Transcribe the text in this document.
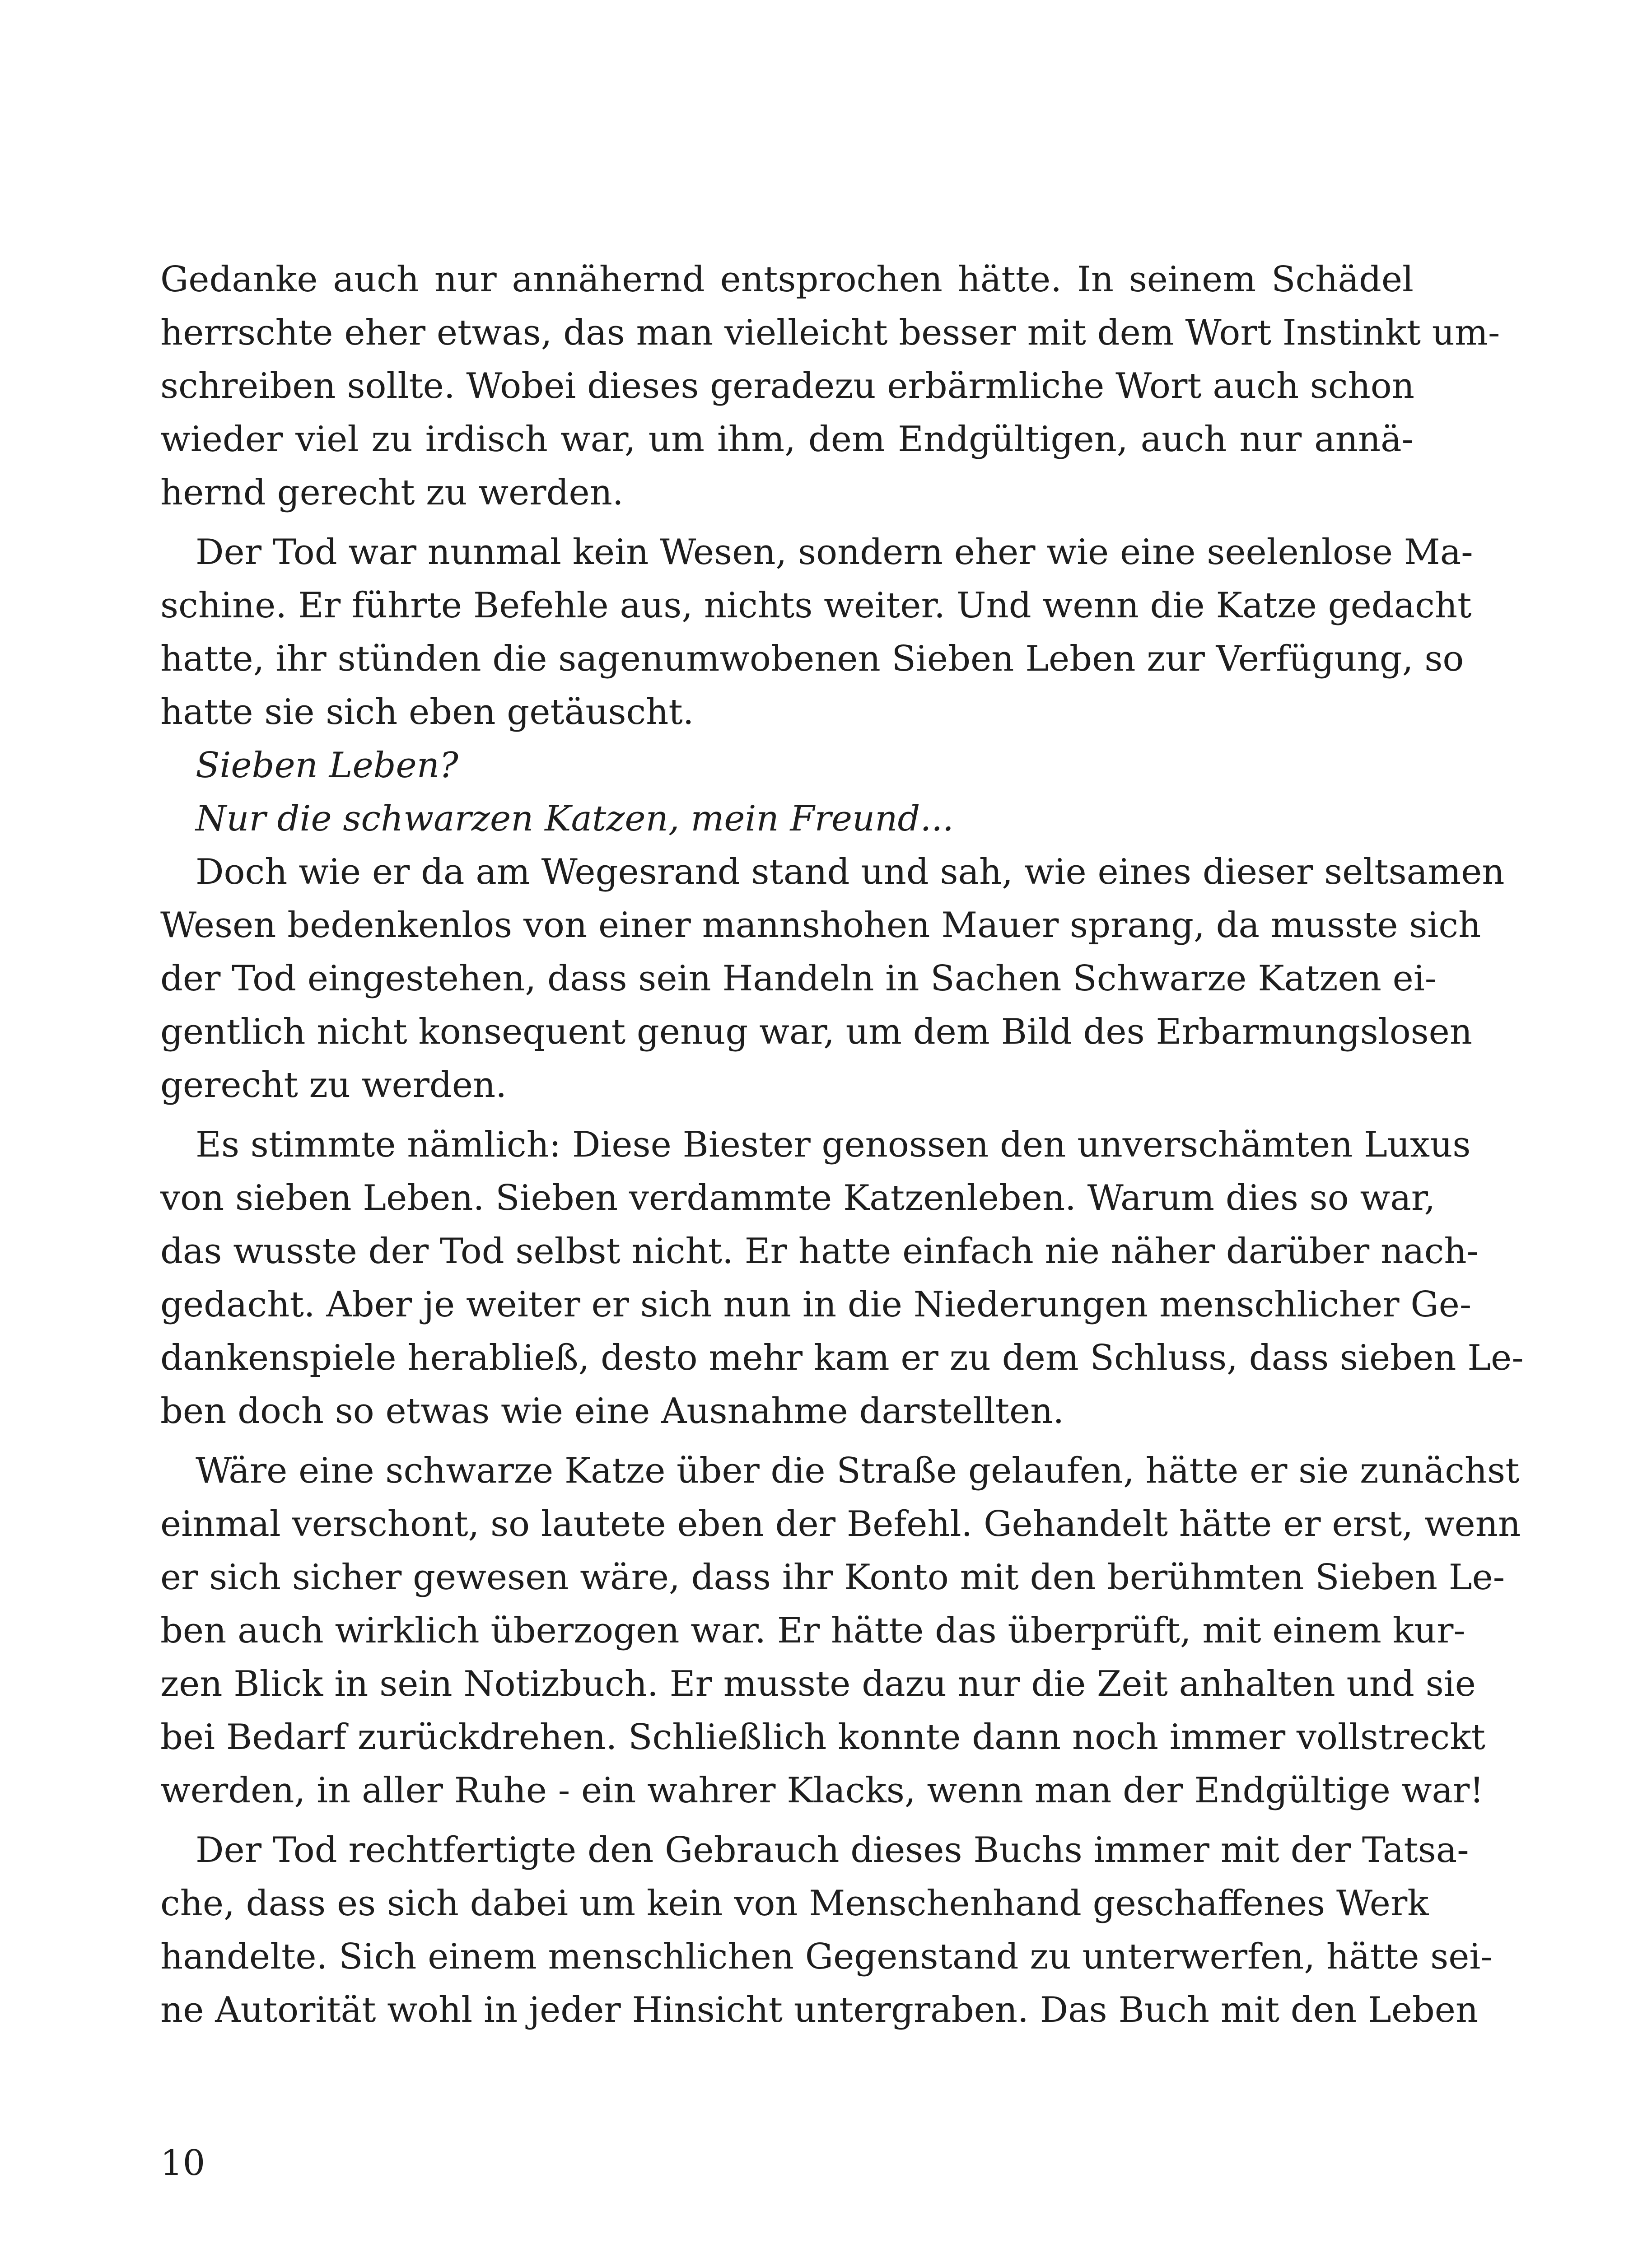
Gedanke auch nur annähernd entsprochen hätte. In seinem Schädel
herrschte eher etwas, das man vielleicht besser mit dem Wort Instinkt um-
schreiben sollte. Wobei dieses geradezu erbärmliche Wort auch schon
wieder viel zu irdisch war, um ihm, dem Endgültigen, auch nur annä-
hernd gerecht zu werden.
Der Tod war nunmal kein Wesen, sondern eher wie eine seelenlose Ma-
schine. Er führte Befehle aus, nichts weiter. Und wenn die Katze gedacht
hatte, ihr stünden die sagenumwobenen Sieben Leben zur Verfügung, so
hatte sie sich eben getäuscht.
Sieben Leben?
Nur die schwarzen Katzen, mein Freund...
Doch wie er da am Wegesrand stand und sah, wie eines dieser seltsamen
Wesen bedenkenlos von einer mannshohen Mauer sprang, da musste sich
der Tod eingestehen, dass sein Handeln in Sachen Schwarze Katzen ei-
gentlich nicht konsequent genug war, um dem Bild des Erbarmungslosen
gerecht zu werden.
Es stimmte nämlich: Diese Biester genossen den unverschämten Luxus
von sieben Leben. Sieben verdammte Katzenleben. Warum dies so war,
das wusste der Tod selbst nicht. Er hatte einfach nie näher darüber nach-
gedacht. Aber je weiter er sich nun in die Niederungen menschlicher Ge-
dankenspiele herabließ, desto mehr kam er zu dem Schluss, dass sieben Le-
ben doch so etwas wie eine Ausnahme darstellten.
Wäre eine schwarze Katze über die Straße gelaufen, hätte er sie zunächst
einmal verschont, so lautete eben der Befehl. Gehandelt hätte er erst, wenn
er sich sicher gewesen wäre, dass ihr Konto mit den berühmten Sieben Le-
ben auch wirklich überzogen war. Er hätte das überprüft, mit einem kur-
zen Blick in sein Notizbuch. Er musste dazu nur die Zeit anhalten und sie
bei Bedarf zurückdrehen. Schließlich konnte dann noch immer vollstreckt
werden, in aller Ruhe - ein wahrer Klacks, wenn man der Endgültige war!
Der Tod rechtfertigte den Gebrauch dieses Buchs immer mit der Tatsa-
che, dass es sich dabei um kein von Menschenhand geschaffenes Werk
handelte. Sich einem menschlichen Gegenstand zu unterwerfen, hätte sei-
ne Autorität wohl in jeder Hinsicht untergraben. Das Buch mit den Leben
10
